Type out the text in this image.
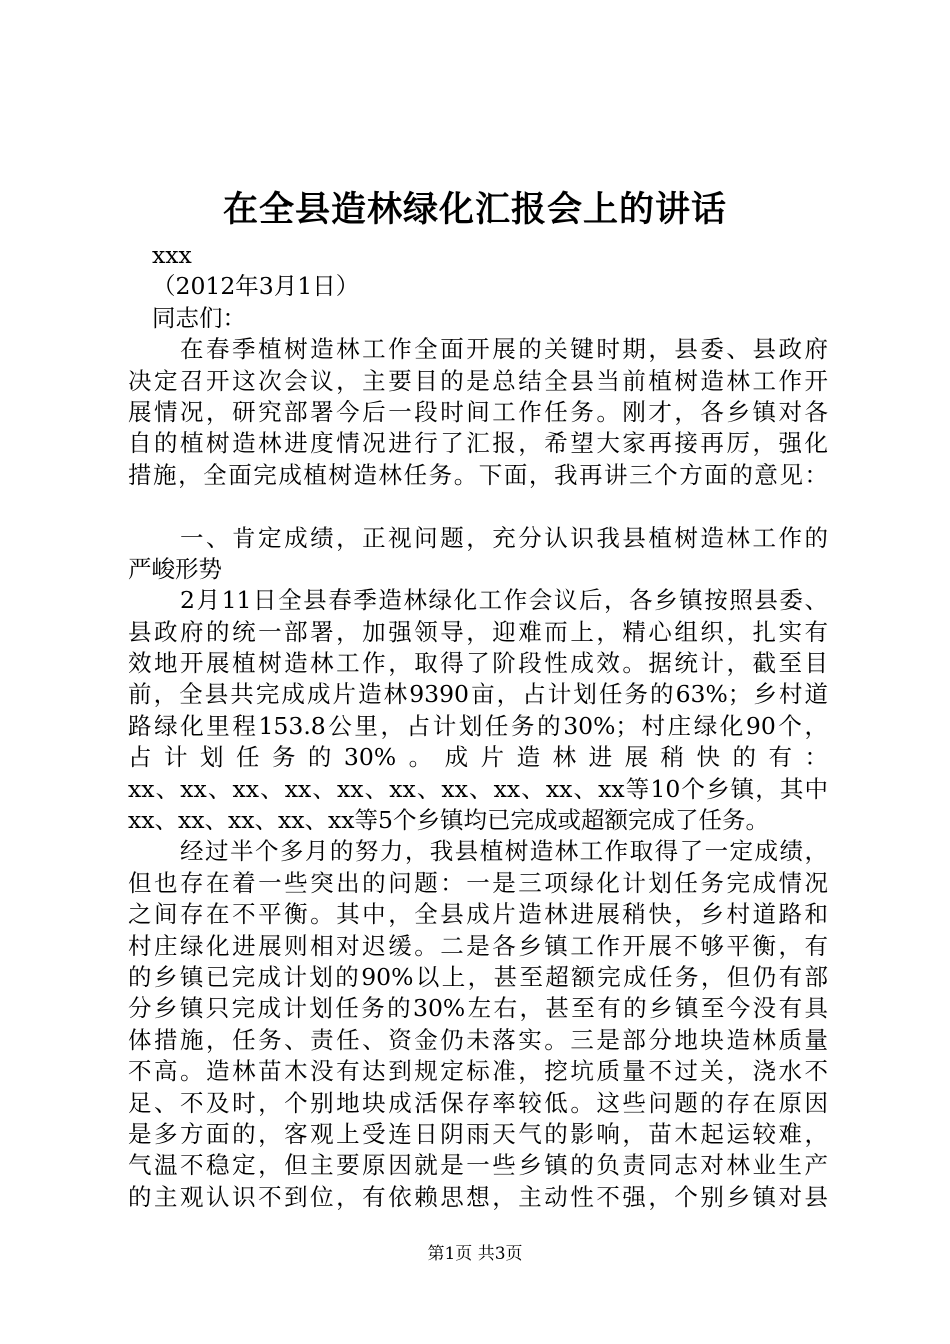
在全县造林绿化汇报会上的讲话
xxx
（2012年3月1日）
同志们：
在春季植树造林工作全面开展的关键时期，县委、县政府
决定召开这次会议，主要目的是总结全县当前植树造林工作开
展情况，研究部署今后一段时间工作任务。刚才，各乡镇对各
自的植树造林进度情况进行了汇报，希望大家再接再厉，强化
措施，全面完成植树造林任务。下面，我再讲三个方面的意见：
一、肯定成绩，正视问题，充分认识我县植树造林工作的
严峻形势
2月11日全县春季造林绿化工作会议后，各乡镇按照县委、
县政府的统一部署，加强领导，迎难而上，精心组织，扎实有
效地开展植树造林工作，取得了阶段性成效。据统计，截至目
前，全县共完成成片造林9390亩，占计划任务的63%；乡村道
路绿化里程153.8公里，占计划任务的30%；村庄绿化90个，
占计划任务的30%。成片造林进展稍快的有：
xx、xx、xx、xx、xx、xx、xx、xx、xx、xx等10个乡镇，其中
xx、xx、xx、xx、xx等5个乡镇均已完成或超额完成了任务。
经过半个多月的努力，我县植树造林工作取得了一定成绩，
但也存在着一些突出的问题：一是三项绿化计划任务完成情况
之间存在不平衡。其中，全县成片造林进展稍快，乡村道路和
村庄绿化进展则相对迟缓。二是各乡镇工作开展不够平衡，有
的乡镇已完成计划的90%以上，甚至超额完成任务，但仍有部
分乡镇只完成计划任务的30%左右，甚至有的乡镇至今没有具
体措施，任务、责任、资金仍未落实。三是部分地块造林质量
不高。造林苗木没有达到规定标准，挖坑质量不过关，浇水不
足、不及时，个别地块成活保存率较低。这些问题的存在原因
是多方面的，客观上受连日阴雨天气的影响，苗木起运较难，
气温不稳定，但主要原因就是一些乡镇的负责同志对林业生产
的主观认识不到位，有依赖思想，主动性不强，个别乡镇对县
第1页 共3页
